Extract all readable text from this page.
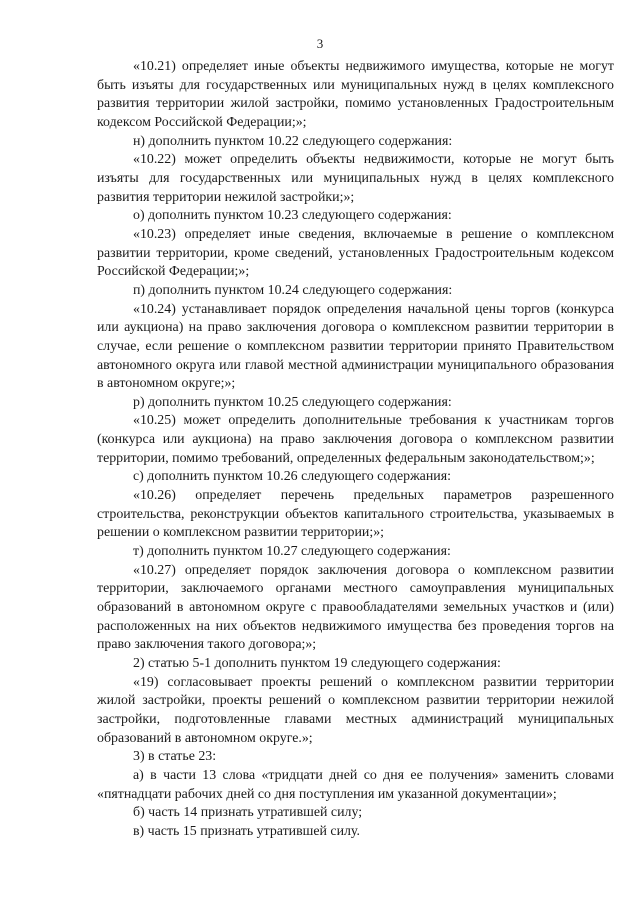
3

«10.21) определяет иные объекты недвижимого имущества, которые не могут быть изъяты для государственных или муниципальных нужд в целях комплексного развития территории жилой застройки, помимо установленных Градостроительным кодексом Российской Федерации;»;

н) дополнить пунктом 10.22 следующего содержания:

«10.22) может определить объекты недвижимости, которые не могут быть изъяты для государственных или муниципальных нужд в целях комплексного развития территории нежилой застройки;»;

о) дополнить пунктом 10.23 следующего содержания:

«10.23) определяет иные сведения, включаемые в решение о комплексном развитии территории, кроме сведений, установленных Градостроительным кодексом Российской Федерации;»;

п) дополнить пунктом 10.24 следующего содержания:

«10.24) устанавливает порядок определения начальной цены торгов (конкурса или аукциона) на право заключения договора о комплексном развитии территории в случае, если решение о комплексном развитии территории принято Правительством автономного округа или главой местной администрации муниципального образования в автономном округе;»;

р) дополнить пунктом 10.25 следующего содержания:

«10.25) может определить дополнительные требования к участникам торгов (конкурса или аукциона) на право заключения договора о комплексном развитии территории, помимо требований, определенных федеральным законодательством;»;

с) дополнить пунктом 10.26 следующего содержания:

«10.26) определяет перечень предельных параметров разрешенного строительства, реконструкции объектов капитального строительства, указываемых в решении о комплексном развитии территории;»;

т) дополнить пунктом 10.27 следующего содержания:

«10.27) определяет порядок заключения договора о комплексном развитии территории, заключаемого органами местного самоуправления муниципальных образований в автономном округе с правообладателями земельных участков и (или) расположенных на них объектов недвижимого имущества без проведения торгов на право заключения такого договора;»;

2) статью 5-1 дополнить пунктом 19 следующего содержания:

«19) согласовывает проекты решений о комплексном развитии территории жилой застройки, проекты решений о комплексном развитии территории нежилой застройки, подготовленные главами местных администраций муниципальных образований в автономном округе.»;

3) в статье 23:

а) в части 13 слова «тридцати дней со дня ее получения» заменить словами «пятнадцати рабочих дней со дня поступления им указанной документации»;

б) часть 14 признать утратившей силу;

в) часть 15 признать утратившей силу.
